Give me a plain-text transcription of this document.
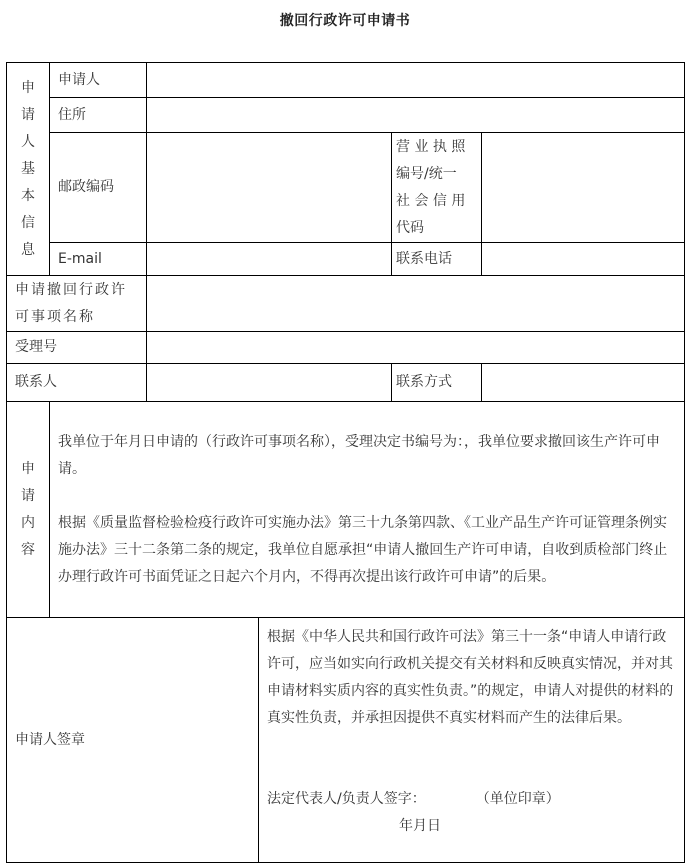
撤回行政许可申请书
申
请
人
基
本
信
息
	申请人	
	住所				
	邮政编码			营 业 执 照
编号/统一
社 会 信 用
代码	

	E-mail			联系电话	

申请撤回行政许可事项名称					
受理号					
联系人				联系方式	

申
请
内
容

我单位于年月日申请的（行政许可事项名称），受理决定书编号为：，我单位要求撤回该生产许可申请。

根据《质量监督检验检疫行政许可实施办法》第三十九条第四款、《工业产品生产许可证管理条例实施办法》三十二条第二条的规定，我单位自愿承担“申请人撤回生产许可申请，自收到质检部门终止办理行政许可书面凭证之日起六个月内，不得再次提出该行政许可申请”的后果。

申请人签章			根据《中华人民共和国行政许可法》第三十一条“申请人申请行政许可，应当如实向行政机关提交有关材料和反映真实情况，并对其申请材料实质内容的真实性负责。”的规定，申请人对提供的材料的真实性负责，并承担因提供不真实材料而产生的法律后果。

法定代表人/负责人签字： （单位印章）

年月日		
